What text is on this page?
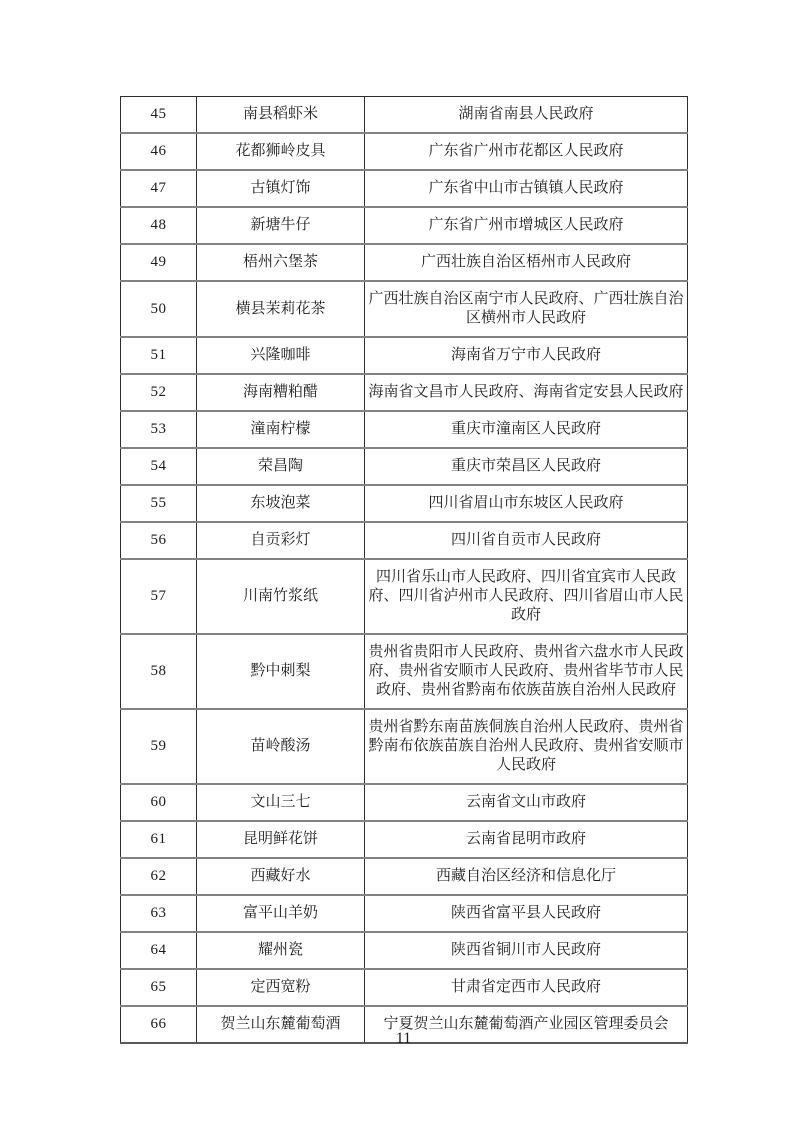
45	南县稻虾米	湖南省南县人民政府
46	花都狮岭皮具	广东省广州市花都区人民政府
47	古镇灯饰	广东省中山市古镇镇人民政府
48	新塘牛仔	广东省广州市增城区人民政府
49	梧州六堡茶	广西壮族自治区梧州市人民政府
50	横县茉莉花茶	广西壮族自治区南宁市人民政府、广西壮族自治区横州市人民政府
51	兴隆咖啡	海南省万宁市人民政府
52	海南糟粕醋	海南省文昌市人民政府、海南省定安县人民政府
53	潼南柠檬	重庆市潼南区人民政府
54	荣昌陶	重庆市荣昌区人民政府
55	东坡泡菜	四川省眉山市东坡区人民政府
56	自贡彩灯	四川省自贡市人民政府
57	川南竹浆纸	四川省乐山市人民政府、四川省宜宾市人民政府、四川省泸州市人民政府、四川省眉山市人民政府
58	黔中刺梨	贵州省贵阳市人民政府、贵州省六盘水市人民政府、贵州省安顺市人民政府、贵州省毕节市人民政府、贵州省黔南布依族苗族自治州人民政府
59	苗岭酸汤	贵州省黔东南苗族侗族自治州人民政府、贵州省黔南布依族苗族自治州人民政府、贵州省安顺市人民政府
60	文山三七	云南省文山市政府
61	昆明鲜花饼	云南省昆明市政府
62	西藏好水	西藏自治区经济和信息化厅
63	富平山羊奶	陕西省富平县人民政府
64	耀州瓷	陕西省铜川市人民政府
65	定西宽粉	甘肃省定西市人民政府
66	贺兰山东麓葡萄酒	宁夏贺兰山东麓葡萄酒产业园区管理委员会
11
